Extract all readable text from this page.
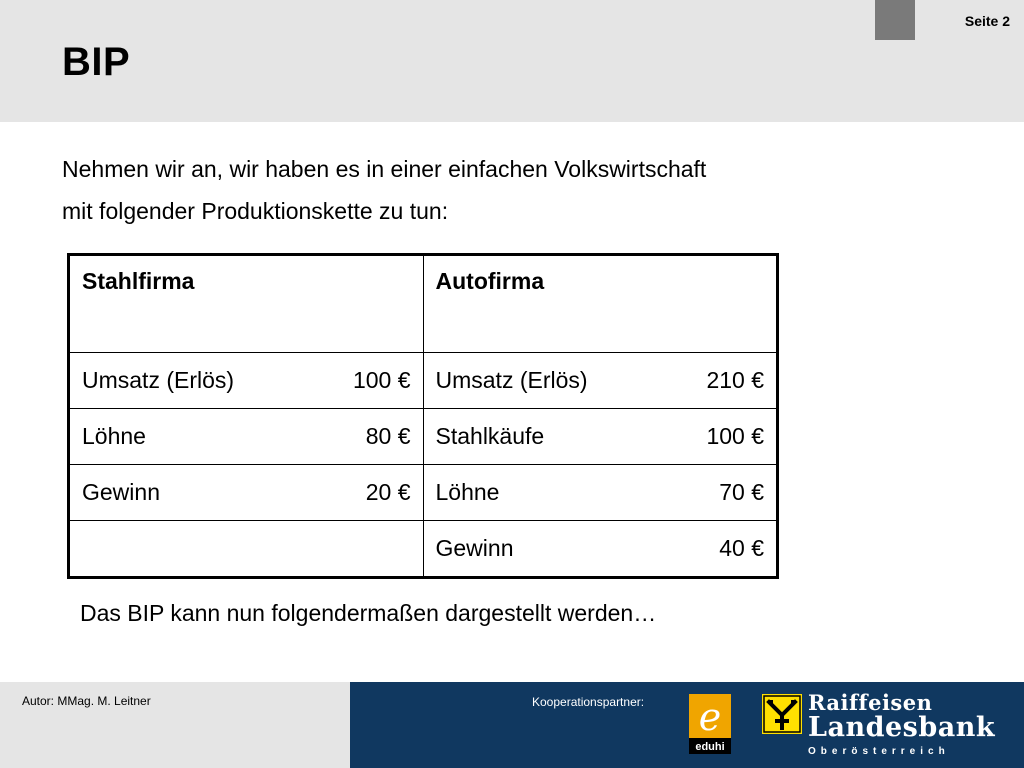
Seite 2
BIP

Nehmen wir an, wir haben es in einer einfachen Volkswirtschaft

mit folgender Produktionskette zu tun:

Stahlfirma	Autofirma

Umsatz (Erlös) 100 €	Umsatz (Erlös) 210 €

Löhne 80 €	Stahlkäufe 100 €

Gewinn 20 €	Löhne 70 €

	Gewinn 40 €
Das BIP kann nun folgendermaßen dargestellt werden…
Autor: MMag. M. Leitner	Kooperationspartner: e
eduhi
Raiffeisen
Landesbank
Oberösterreich
